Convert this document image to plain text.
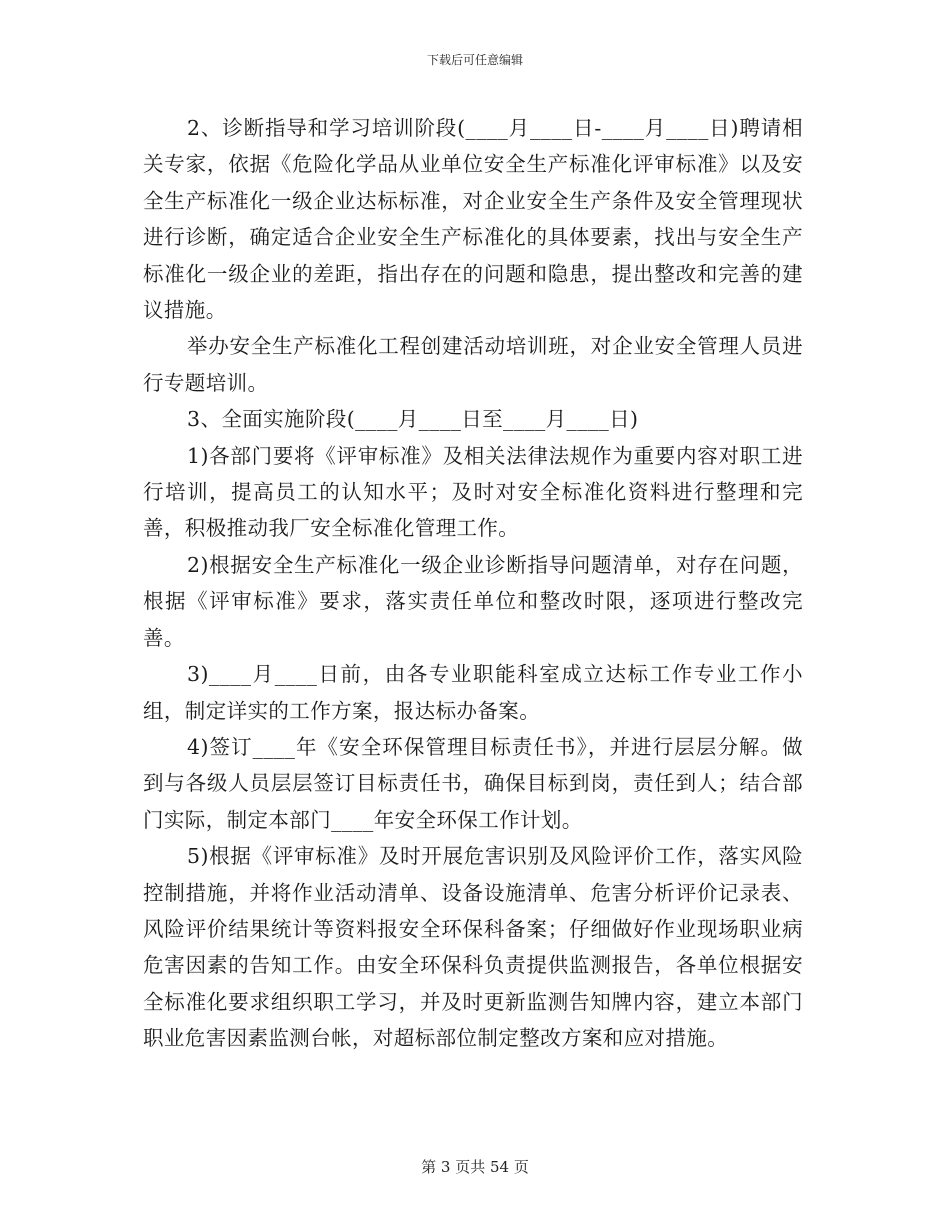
下载后可任意编辑

2、诊断指导和学习培训阶段(____月____日-____月____日)聘请相关专家，依据《危险化学品从业单位安全生产标准化评审标准》以及安全生产标准化一级企业达标标准，对企业安全生产条件及安全管理现状进行诊断，确定适合企业安全生产标准化的具体要素，找出与安全生产标准化一级企业的差距，指出存在的问题和隐患，提出整改和完善的建议措施。

举办安全生产标准化工程创建活动培训班，对企业安全管理人员进行专题培训。

3、全面实施阶段(____月____日至____月____日)

1)各部门要将《评审标准》及相关法律法规作为重要内容对职工进行培训，提高员工的认知水平；及时对安全标准化资料进行整理和完善，积极推动我厂安全标准化管理工作。

2)根据安全生产标准化一级企业诊断指导问题清单，对存在问题，根据《评审标准》要求，落实责任单位和整改时限，逐项进行整改完善。

3)____月____日前，由各专业职能科室成立达标工作专业工作小组，制定详实的工作方案，报达标办备案。

4)签订____年《安全环保管理目标责任书》，并进行层层分解。做到与各级人员层层签订目标责任书，确保目标到岗，责任到人；结合部门实际，制定本部门____年安全环保工作计划。

5)根据《评审标准》及时开展危害识别及风险评价工作，落实风险控制措施，并将作业活动清单、设备设施清单、危害分析评价记录表、风险评价结果统计等资料报安全环保科备案；仔细做好作业现场职业病危害因素的告知工作。由安全环保科负责提供监测报告，各单位根据安全标准化要求组织职工学习，并及时更新监测告知牌内容，建立本部门职业危害因素监测台帐，对超标部位制定整改方案和应对措施。

第 3 页共 54 页
